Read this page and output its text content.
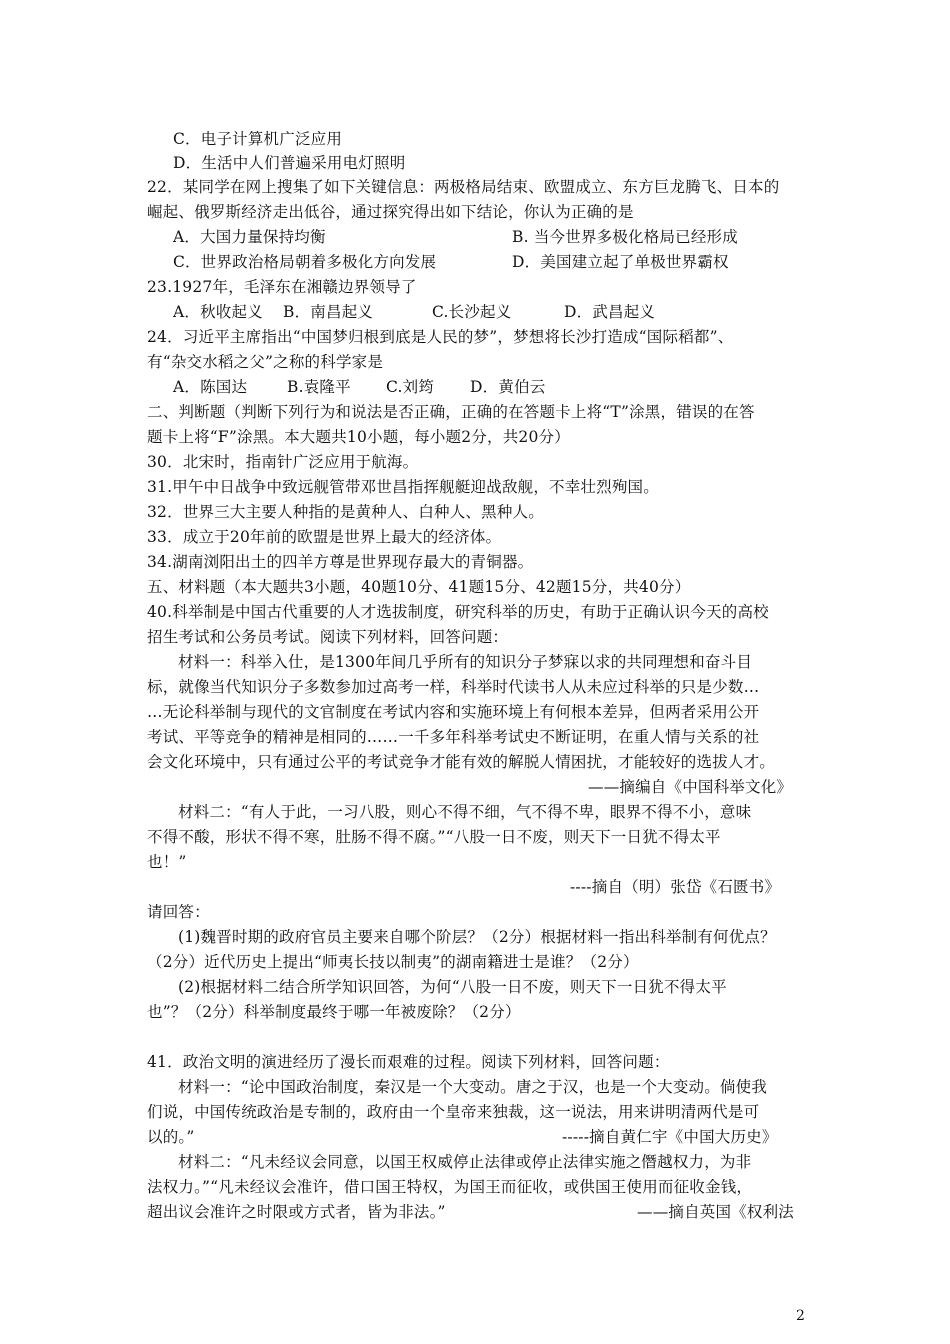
C．电子计算机广泛应用
D．生活中人们普遍采用电灯照明
22．某同学在网上搜集了如下关键信息：两极格局结束、欧盟成立、东方巨龙腾飞、日本的
崛起、俄罗斯经济走出低谷，通过探究得出如下结论，你认为正确的是
A．大国力量保持均衡	B. 当今世界多极化格局已经形成
C．世界政治格局朝着多极化方向发展	D．美国建立起了单极世界霸权
23.1927年，毛泽东在湘赣边界领导了
A．秋收起义 B．南昌起义	C.长沙起义	D．武昌起义
24．习近平主席指出“中国梦归根到底是人民的梦”，梦想将长沙打造成“国际稻都”、
有“杂交水稻之父”之称的科学家是
A．陈国达	B.袁隆平 C.刘筠 D．黄伯云
二、判断题（判断下列行为和说法是否正确，正确的在答题卡上将“T”涂黑，错误的在答
题卡上将“F”涂黑。本大题共10小题，每小题2分，共20分）
30．北宋时，指南针广泛应用于航海。
31.甲午中日战争中致远舰管带邓世昌指挥舰艇迎战敌舰，不幸壮烈殉国。
32．世界三大主要人种指的是黄种人、白种人、黑种人。
33．成立于20年前的欧盟是世界上最大的经济体。
34.湖南浏阳出土的四羊方尊是世界现存最大的青铜器。
五、材料题（本大题共3小题，40题10分、41题15分、42题15分，共40分）
40.科举制是中国古代重要的人才选拔制度，研究科举的历史，有助于正确认识今天的高校
招生考试和公务员考试。阅读下列材料，回答问题：
材料一：科举入仕，是1300年间几乎所有的知识分子梦寐以求的共同理想和奋斗目
标，就像当代知识分子多数参加过高考一样，科举时代读书人从未应过科举的只是少数…
…无论科举制与现代的文官制度在考试内容和实施环境上有何根本差异，但两者采用公开
考试、平等竞争的精神是相同的……一千多年科举考试史不断证明，在重人情与关系的社
会文化环境中，只有通过公平的考试竞争才能有效的解脱人情困扰，才能较好的选拔人才。
——摘编自《中国科举文化》
材料二：“有人于此，一习八股，则心不得不细，气不得不卑，眼界不得不小，意味
不得不酸，形状不得不寒，肚肠不得不腐。”“八股一日不废，则天下一日犹不得太平
也！”
----摘自（明）张岱《石匮书》
请回答：
(1)魏晋时期的政府官员主要来自哪个阶层？（2分）根据材料一指出科举制有何优点？
（2分）近代历史上提出“师夷长技以制夷”的湖南籍进士是谁？（2分）
(2)根据材料二结合所学知识回答，为何“八股一日不废，则天下一日犹不得太平
也”？（2分）科举制度最终于哪一年被废除？（2分）
41．政治文明的演进经历了漫长而艰难的过程。阅读下列材料，回答问题：
材料一：“论中国政治制度，秦汉是一个大变动。唐之于汉，也是一个大变动。倘使我
们说，中国传统政治是专制的，政府由一个皇帝来独裁，这一说法，用来讲明清两代是可
以的。”	-----摘自黄仁宇《中国大历史》
材料二：“凡未经议会同意，以国王权威停止法律或停止法律实施之僭越权力，为非
法权力。”“凡未经议会准许，借口国王特权，为国王而征收，或供国王使用而征收金钱，
超出议会准许之时限或方式者，皆为非法。”	——摘自英国《权利法
2
